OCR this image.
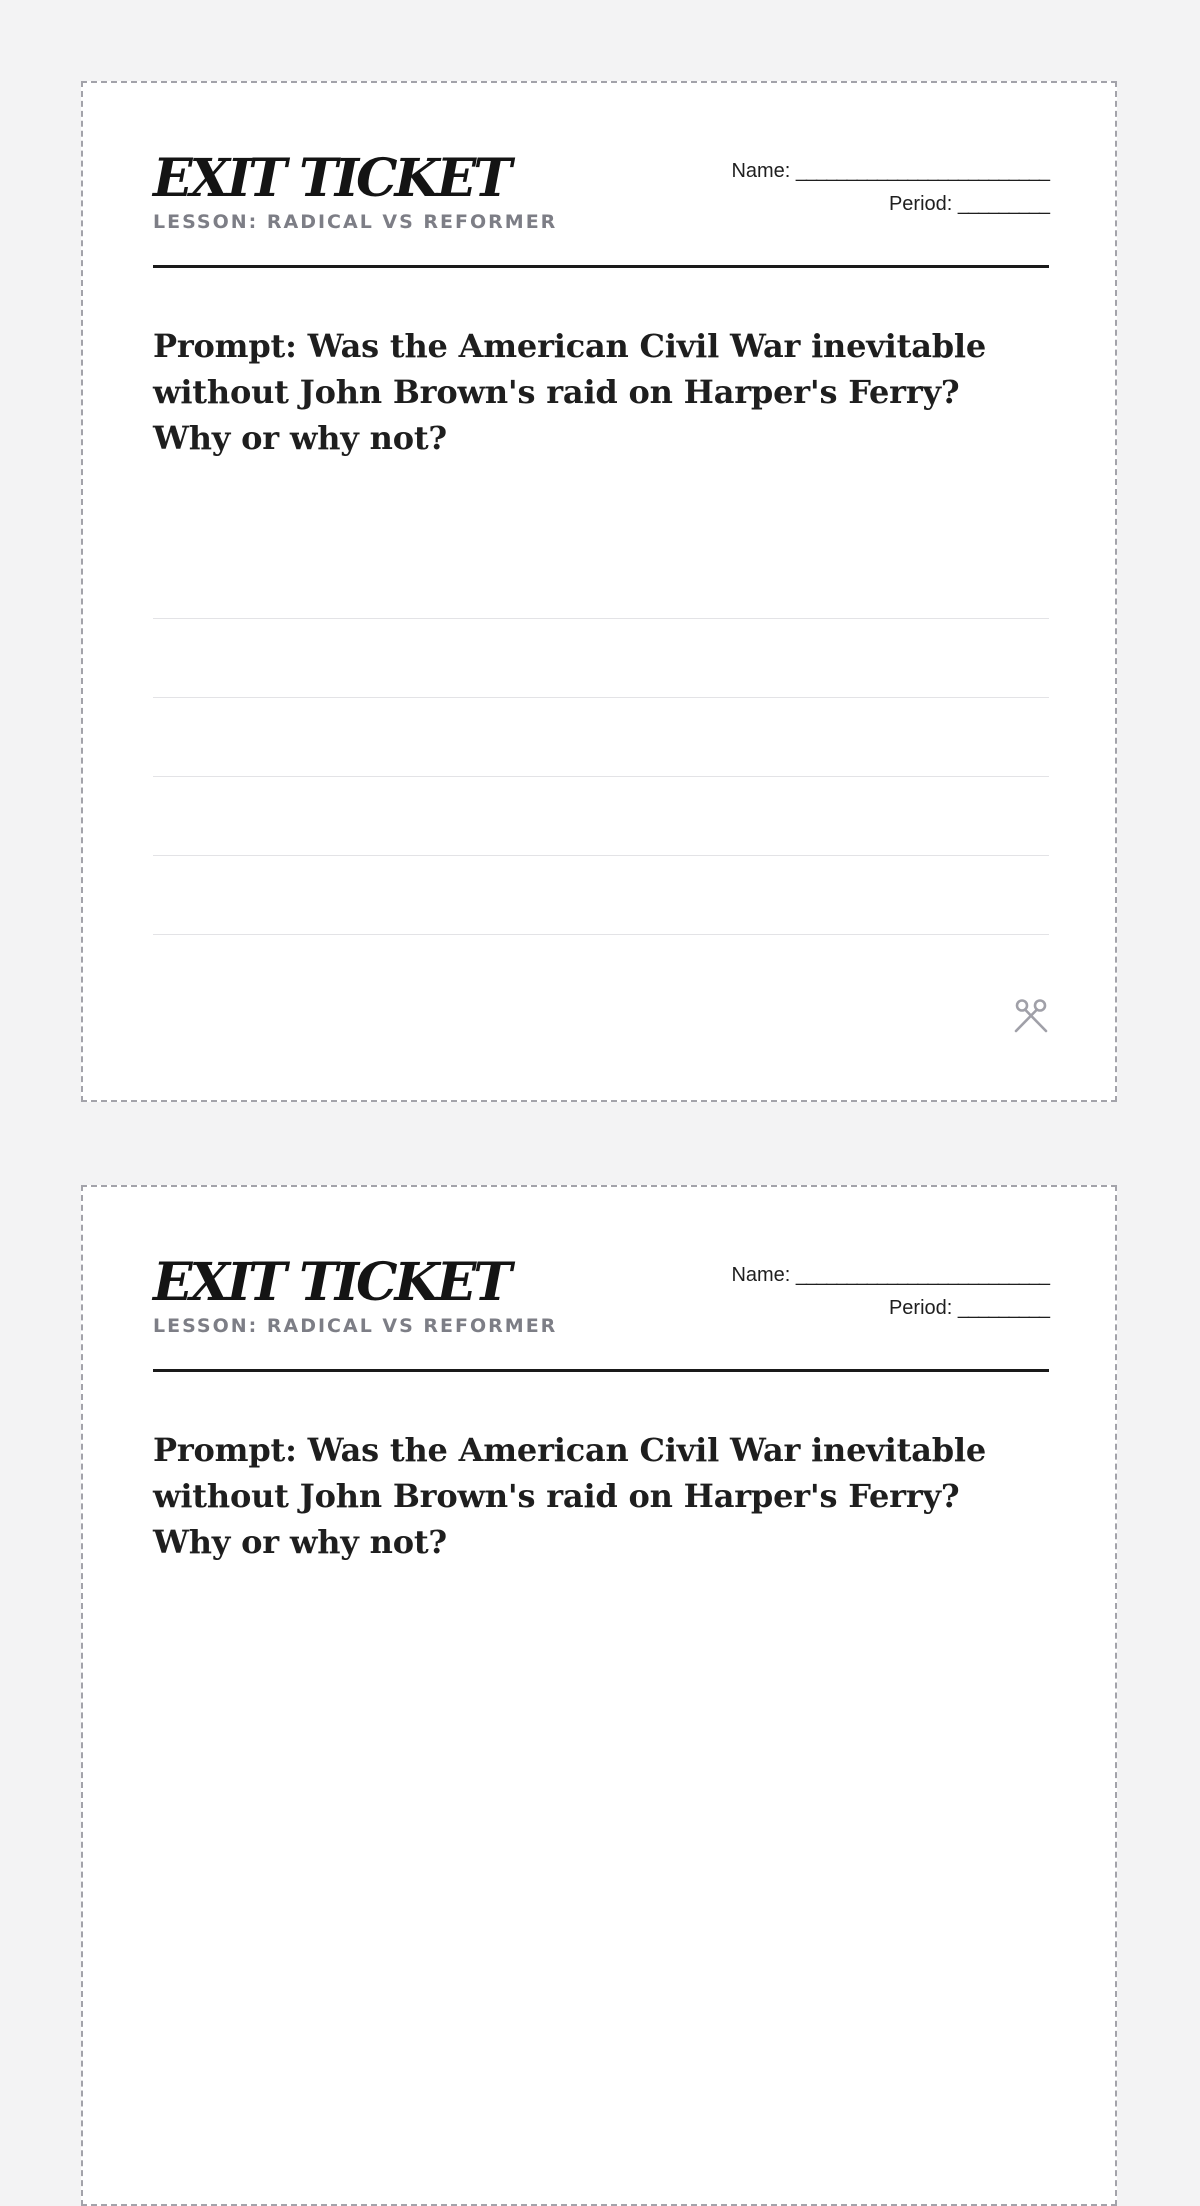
EXIT TICKET
LESSON: RADICAL VS REFORMER
Name: _________________________
Period: _________

Prompt: Was the American Civil War inevitable without John Brown's raid on Harper's Ferry? Why or why not?

EXIT TICKET
LESSON: RADICAL VS REFORMER
Name: _________________________
Period: _________

Prompt: Was the American Civil War inevitable without John Brown's raid on Harper's Ferry? Why or why not?
